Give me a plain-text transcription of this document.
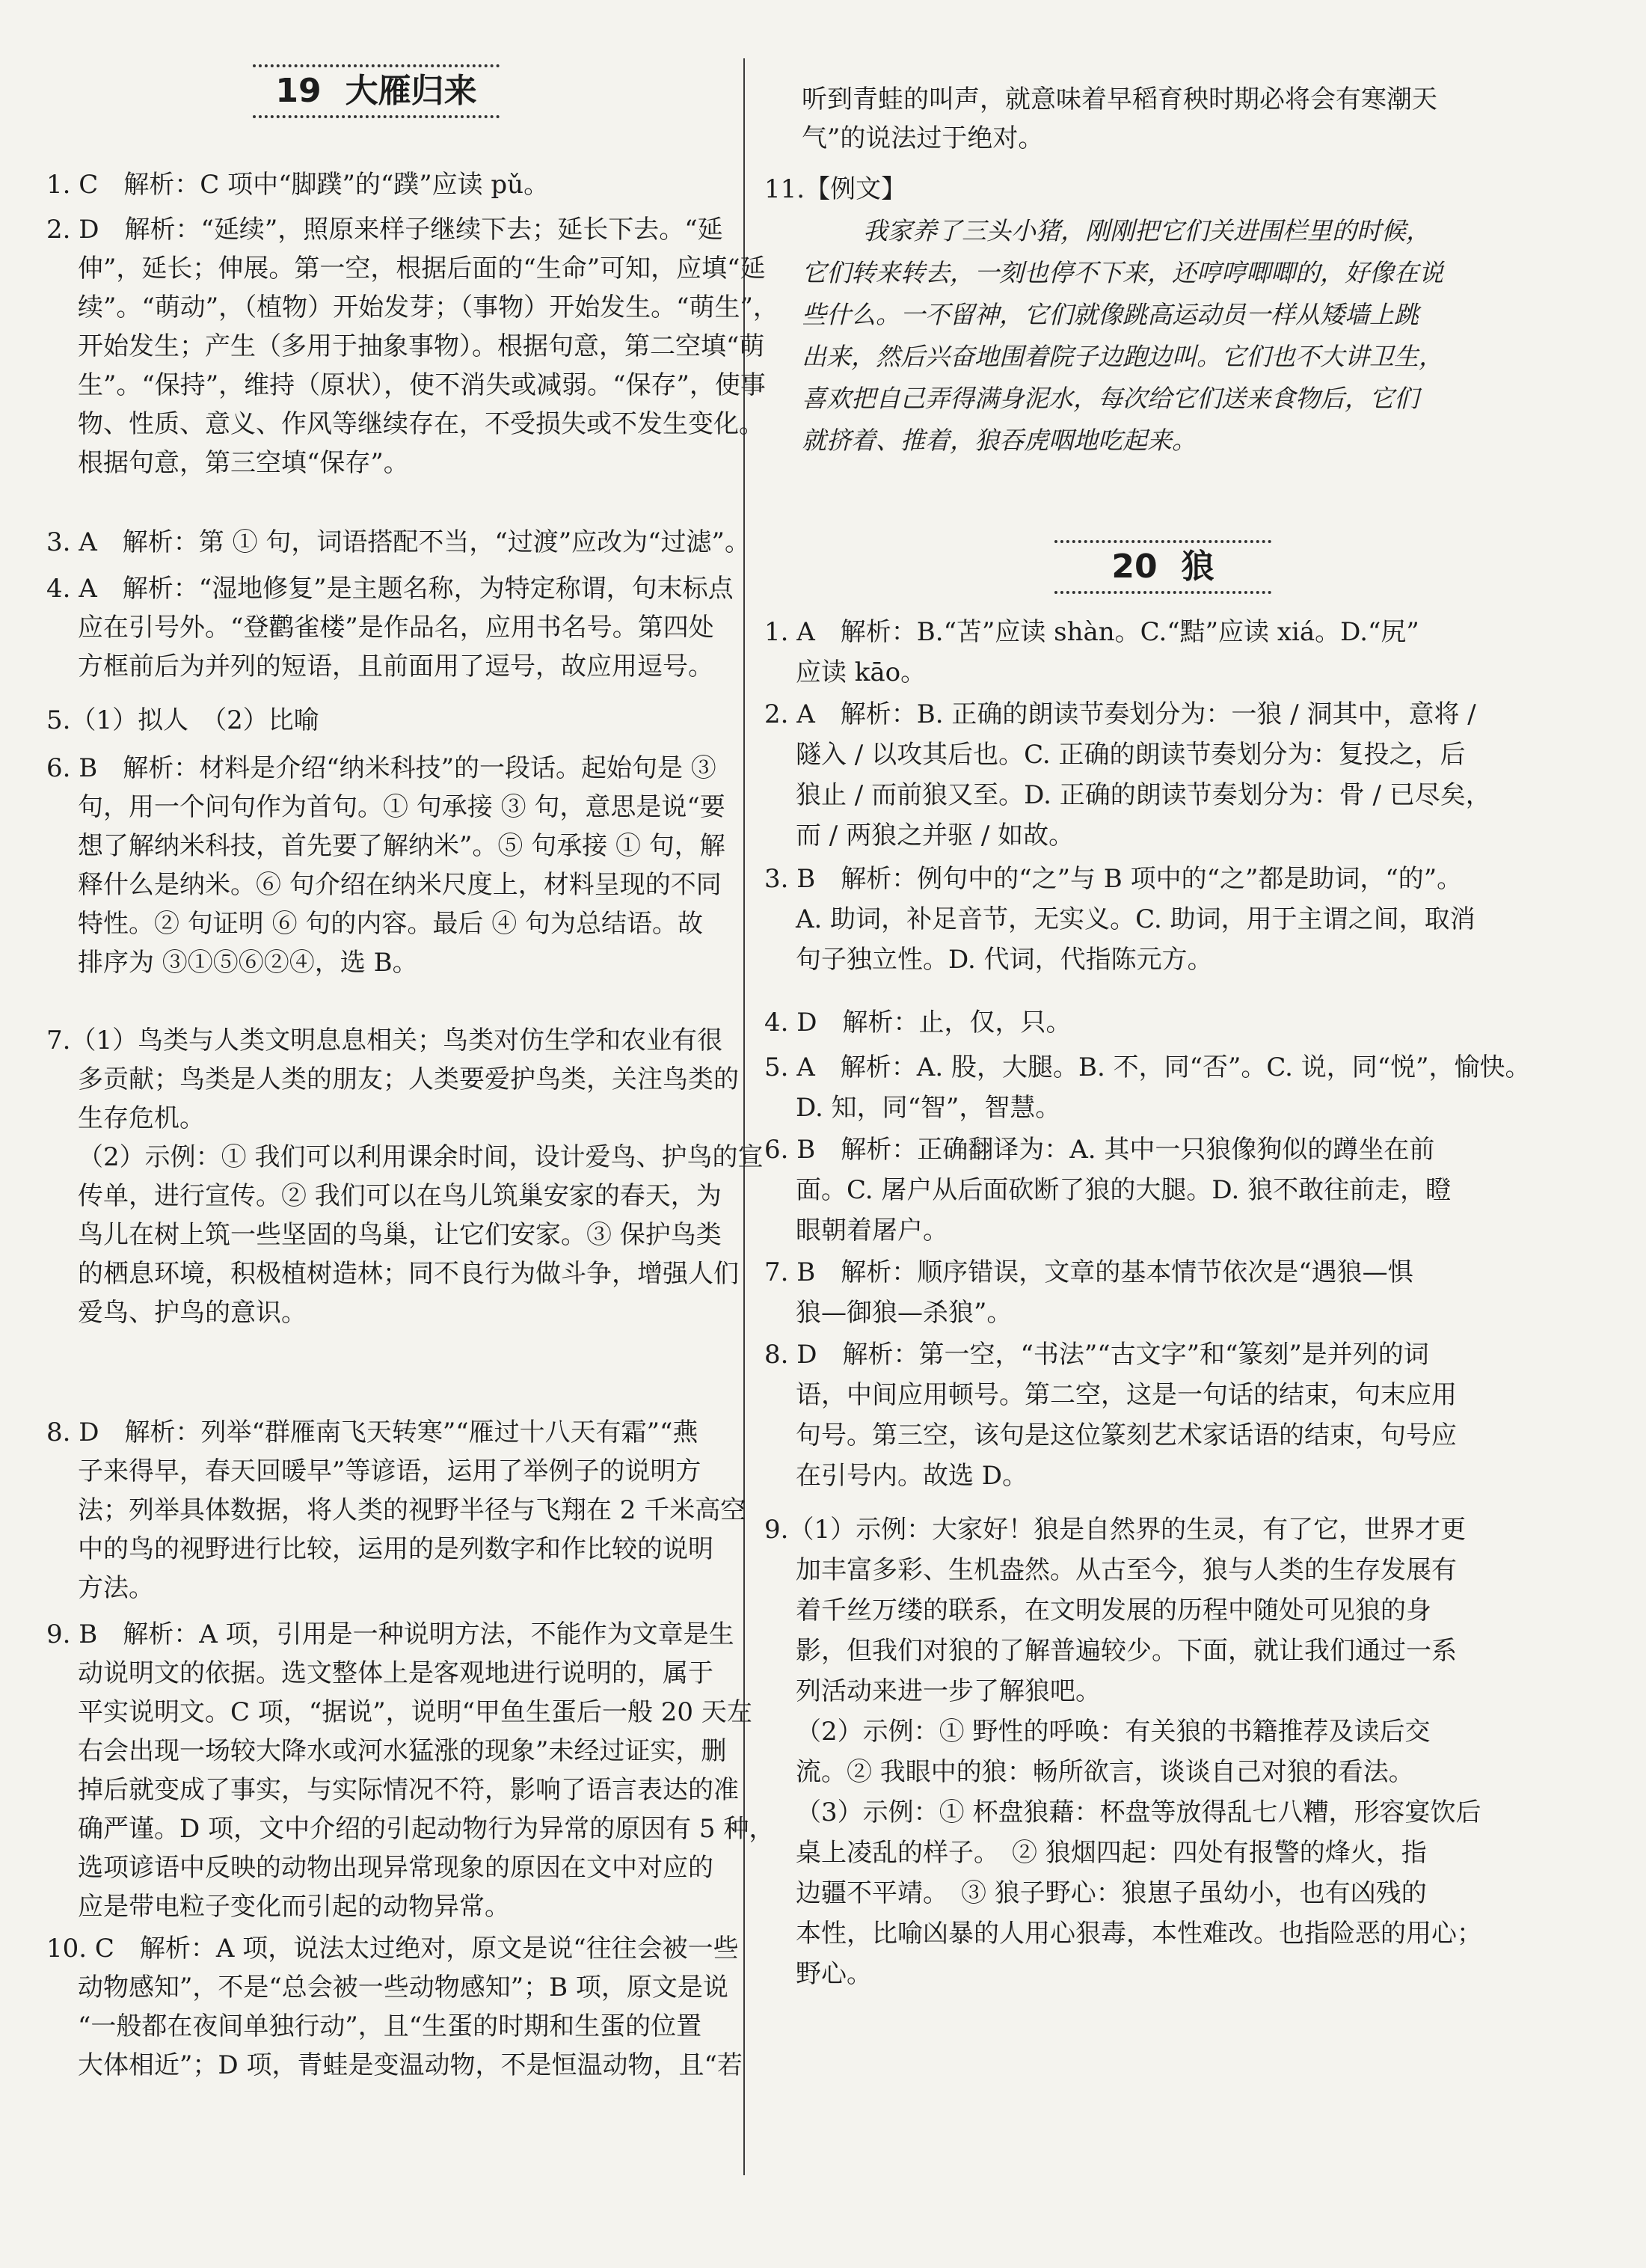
19 大雁归来
1. C　解析：C 项中“脚蹼”的“蹼”应读 pǔ。
2. D　解析：“延续”，照原来样子继续下去；延长下去。“延
伸”，延长；伸展。第一空，根据后面的“生命”可知，应填“延
续”。“萌动”，（植物）开始发芽；（事物）开始发生。“萌生”，
开始发生；产生（多用于抽象事物）。根据句意，第二空填“萌
生”。“保持”，维持（原状），使不消失或减弱。“保存”，使事
物、性质、意义、作风等继续存在，不受损失或不发生变化。
根据句意，第三空填“保存”。
3. A　解析：第 ① 句，词语搭配不当，“过渡”应改为“过滤”。
4. A　解析：“湿地修复”是主题名称，为特定称谓，句末标点
应在引号外。“登鹳雀楼”是作品名，应用书名号。第四处
方框前后为并列的短语，且前面用了逗号，故应用逗号。
5.（1）拟人　（2）比喻
6. B　解析：材料是介绍“纳米科技”的一段话。起始句是 ③
句，用一个问句作为首句。① 句承接 ③ 句，意思是说“要
想了解纳米科技，首先要了解纳米”。⑤ 句承接 ① 句，解
释什么是纳米。⑥ 句介绍在纳米尺度上，材料呈现的不同
特性。② 句证明 ⑥ 句的内容。最后 ④ 句为总结语。故
排序为 ③①⑤⑥②④，选 B。
7.（1）鸟类与人类文明息息相关；鸟类对仿生学和农业有很
多贡献；鸟类是人类的朋友；人类要爱护鸟类，关注鸟类的
生存危机。
（2）示例：① 我们可以利用课余时间，设计爱鸟、护鸟的宣
传单，进行宣传。② 我们可以在鸟儿筑巢安家的春天，为
鸟儿在树上筑一些坚固的鸟巢，让它们安家。③ 保护鸟类
的栖息环境，积极植树造林；同不良行为做斗争，增强人们
爱鸟、护鸟的意识。
8. D　解析：列举“群雁南飞天转寒”“雁过十八天有霜”“燕
子来得早，春天回暖早”等谚语，运用了举例子的说明方
法；列举具体数据，将人类的视野半径与飞翔在 2 千米高空
中的鸟的视野进行比较，运用的是列数字和作比较的说明
方法。
9. B　解析：A 项，引用是一种说明方法，不能作为文章是生
动说明文的依据。选文整体上是客观地进行说明的，属于
平实说明文。C 项，“据说”，说明“甲鱼生蛋后一般 20 天左
右会出现一场较大降水或河水猛涨的现象”未经过证实，删
掉后就变成了事实，与实际情况不符，影响了语言表达的准
确严谨。D 项，文中介绍的引起动物行为异常的原因有 5 种，
选项谚语中反映的动物出现异常现象的原因在文中对应的
应是带电粒子变化而引起的动物异常。
10. C　解析：A 项，说法太过绝对，原文是说“往往会被一些
动物感知”，不是“总会被一些动物感知”；B 项，原文是说
“一般都在夜间单独行动”，且“生蛋的时期和生蛋的位置
大体相近”；D 项，青蛙是变温动物，不是恒温动物，且“若
听到青蛙的叫声，就意味着早稻育秧时期必将会有寒潮天
气”的说法过于绝对。
11.【例文】
我家养了三头小猪，刚刚把它们关进围栏里的时候，
它们转来转去，一刻也停不下来，还哼哼唧唧的，好像在说
些什么。一不留神，它们就像跳高运动员一样从矮墙上跳
出来，然后兴奋地围着院子边跑边叫。它们也不大讲卫生，
喜欢把自己弄得满身泥水，每次给它们送来食物后，它们
就挤着、推着，狼吞虎咽地吃起来。
20 狼
1. A　解析：B.“苫”应读 shàn。C.“黠”应读 xiá。D.“尻”
应读 kāo。
2. A　解析：B. 正确的朗读节奏划分为：一狼 / 洞其中，意将 /
隧入 / 以攻其后也。C. 正确的朗读节奏划分为：复投之，后
狼止 / 而前狼又至。D. 正确的朗读节奏划分为：骨 / 已尽矣，
而 / 两狼之并驱 / 如故。
3. B　解析：例句中的“之”与 B 项中的“之”都是助词，“的”。
A. 助词，补足音节，无实义。C. 助词，用于主谓之间，取消
句子独立性。D. 代词，代指陈元方。
4. D　解析：止，仅，只。
5. A　解析：A. 股，大腿。B. 不，同“否”。C. 说，同“悦”，愉快。
D. 知，同“智”，智慧。
6. B　解析：正确翻译为：A. 其中一只狼像狗似的蹲坐在前
面。C. 屠户从后面砍断了狼的大腿。D. 狼不敢往前走，瞪
眼朝着屠户。
7. B　解析：顺序错误，文章的基本情节依次是“遇狼—惧
狼—御狼—杀狼”。
8. D　解析：第一空，“书法”“古文字”和“篆刻”是并列的词
语，中间应用顿号。第二空，这是一句话的结束，句末应用
句号。第三空，该句是这位篆刻艺术家话语的结束，句号应
在引号内。故选 D。
9.（1）示例：大家好！狼是自然界的生灵，有了它，世界才更
加丰富多彩、生机盎然。从古至今，狼与人类的生存发展有
着千丝万缕的联系，在文明发展的历程中随处可见狼的身
影，但我们对狼的了解普遍较少。下面，就让我们通过一系
列活动来进一步了解狼吧。
（2）示例：① 野性的呼唤：有关狼的书籍推荐及读后交
流。② 我眼中的狼：畅所欲言，谈谈自己对狼的看法。
（3）示例：① 杯盘狼藉：杯盘等放得乱七八糟，形容宴饮后
桌上凌乱的样子。　② 狼烟四起：四处有报警的烽火，指
边疆不平靖。　③ 狼子野心：狼崽子虽幼小，也有凶残的
本性，比喻凶暴的人用心狠毒，本性难改。也指险恶的用心；
野心。
